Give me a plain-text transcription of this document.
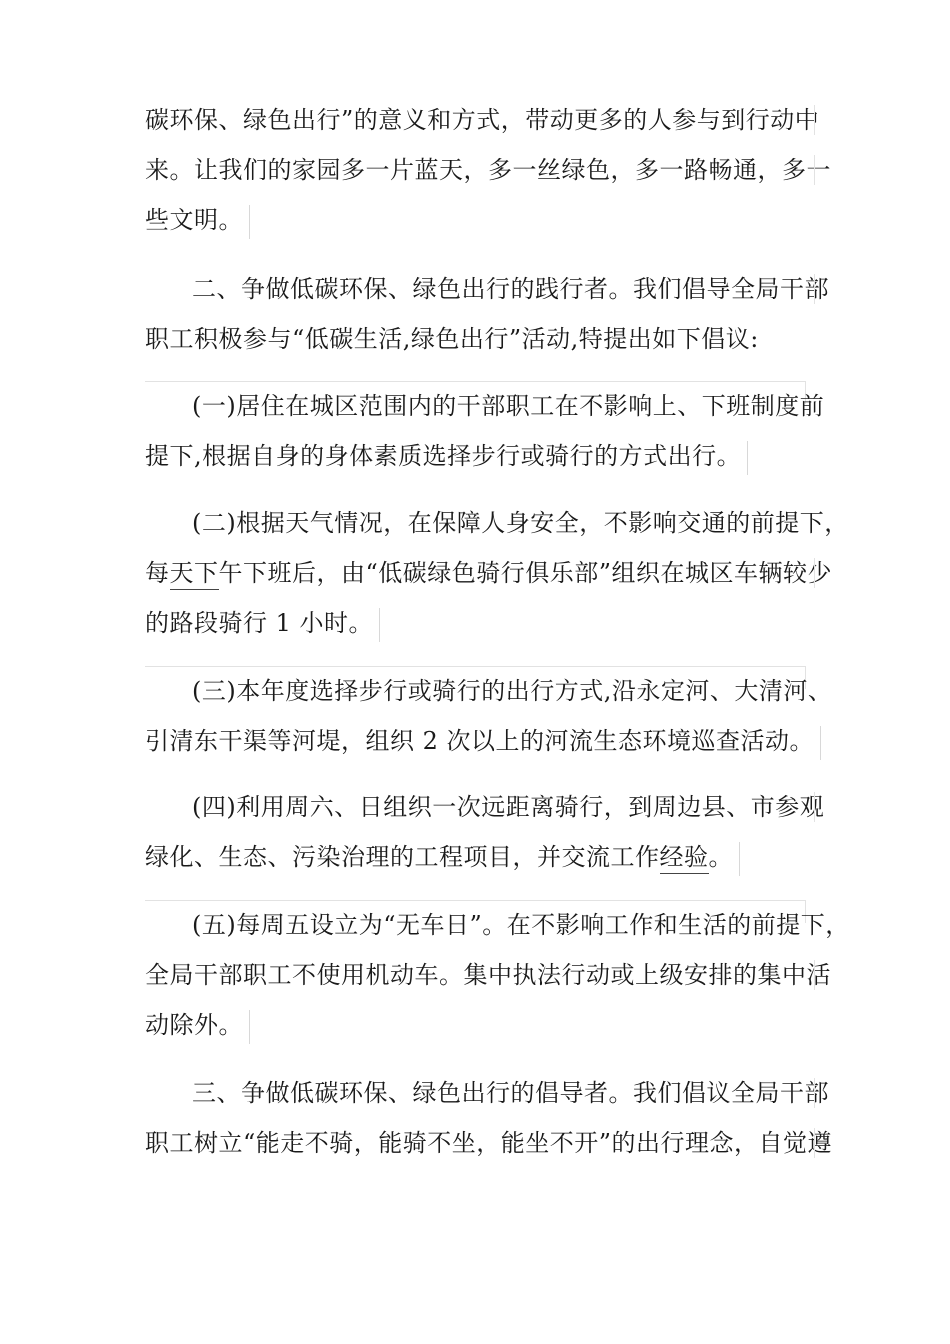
碳环保、绿色出行”的意义和方式，带动更多的人参与到行动中
来。让我们的家园多一片蓝天，多一丝绿色，多一路畅通，多一
些文明。
二、争做低碳环保、绿色出行的践行者。我们倡导全局干部
职工积极参与“低碳生活,绿色出行”活动,特提出如下倡议:
(一)居住在城区范围内的干部职工在不影响上、下班制度前
提下,根据自身的身体素质选择步行或骑行的方式出行。
(二)根据天气情况，在保障人身安全，不影响交通的前提下，
每天下午下班后，由“低碳绿色骑行俱乐部”组织在城区车辆较少
的路段骑行 1 小时。
(三)本年度选择步行或骑行的出行方式,沿永定河、大清河、
引清东干渠等河堤，组织 2 次以上的河流生态环境巡查活动。
(四)利用周六、日组织一次远距离骑行，到周边县、市参观
绿化、生态、污染治理的工程项目，并交流工作经验。
(五)每周五设立为“无车日”。在不影响工作和生活的前提下，
全局干部职工不使用机动车。集中执法行动或上级安排的集中活
动除外。
三、争做低碳环保、绿色出行的倡导者。我们倡议全局干部
职工树立“能走不骑，能骑不坐，能坐不开”的出行理念，自觉遵
